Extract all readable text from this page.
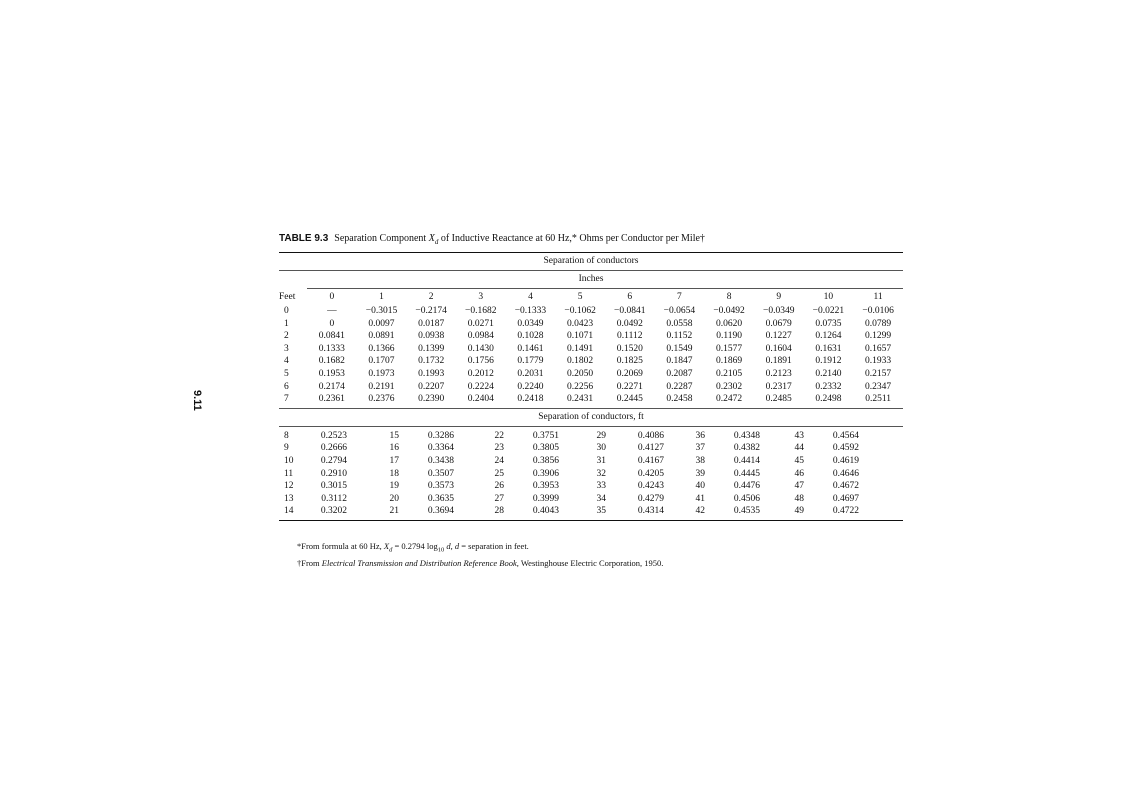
9.11
TABLE 9.3 Separation Component $X_d$ of Inductive Reactance at 60 Hz,* Ohms per Conductor per Mile†
Separation of conductors
Inches
Feet	0	1	2	3	4	5	6	7	8	9	10	11
0	—	−0.3015	−0.2174	−0.1682	−0.1333	−0.1062	−0.0841	−0.0654	−0.0492	−0.0349	−0.0221	−0.0106
1	0	0.0097	0.0187	0.0271	0.0349	0.0423	0.0492	0.0558	0.0620	0.0679	0.0735	0.0789
2	0.0841	0.0891	0.0938	0.0984	0.1028	0.1071	0.1112	0.1152	0.1190	0.1227	0.1264	0.1299
3	0.1333	0.1366	0.1399	0.1430	0.1461	0.1491	0.1520	0.1549	0.1577	0.1604	0.1631	0.1657
4	0.1682	0.1707	0.1732	0.1756	0.1779	0.1802	0.1825	0.1847	0.1869	0.1891	0.1912	0.1933
5	0.1953	0.1973	0.1993	0.2012	0.2031	0.2050	0.2069	0.2087	0.2105	0.2123	0.2140	0.2157
6	0.2174	0.2191	0.2207	0.2224	0.2240	0.2256	0.2271	0.2287	0.2302	0.2317	0.2332	0.2347
7	0.2361	0.2376	0.2390	0.2404	0.2418	0.2431	0.2445	0.2458	0.2472	0.2485	0.2498	0.2511
Separation of conductors, ft
8	0.2523	15	0.3286	22	0.3751	29	0.4086	36	0.4348	43	0.4564	
9	0.2666	16	0.3364	23	0.3805	30	0.4127	37	0.4382	44	0.4592	
10	0.2794	17	0.3438	24	0.3856	31	0.4167	38	0.4414	45	0.4619	
11	0.2910	18	0.3507	25	0.3906	32	0.4205	39	0.4445	46	0.4646	
12	0.3015	19	0.3573	26	0.3953	33	0.4243	40	0.4476	47	0.4672	
13	0.3112	20	0.3635	27	0.3999	34	0.4279	41	0.4506	48	0.4697	
14	0.3202	21	0.3694	28	0.4043	35	0.4314	42	0.4535	49	0.4722	
*From formula at 60 Hz, $X_d = 0.2794$ $\log_{10} d$, d = separation in feet.
†From Electrical Transmission and Distribution Reference Book, Westinghouse Electric Corporation, 1950.
